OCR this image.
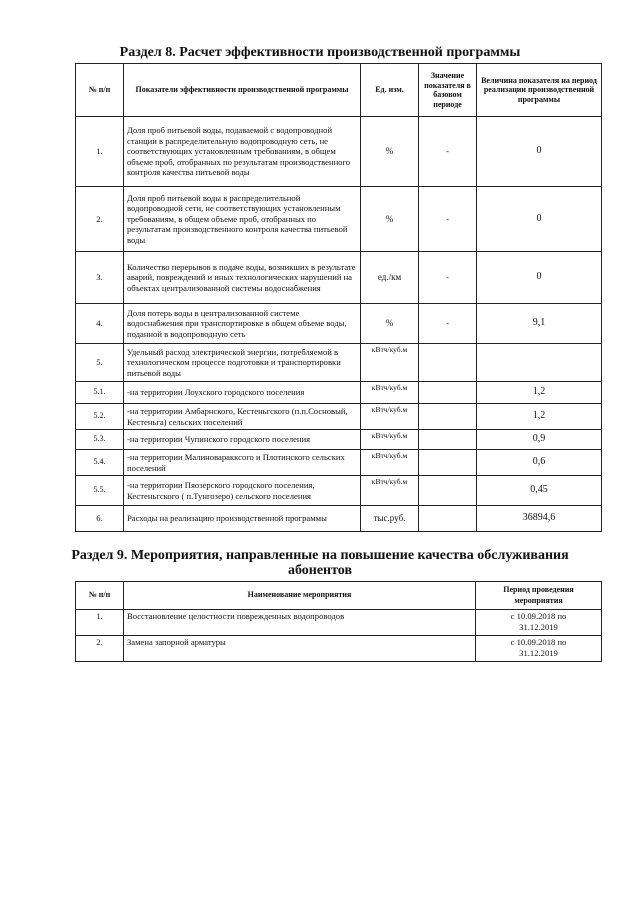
Раздел 8. Расчет эффективности производственной программы
№ п/п	Показатели эффективности производственной программы	Ед. изм.	Значение показателя в базовом периоде	Величина показателя на период реализации производственной программы
1.	Доля проб питьевой воды, подаваемой с водопроводной станции в распределительную водопроводную сеть, не соответствующих установленным требованиям, в общем объеме проб, отобранных по результатам производственного контроля качества питьевой воды	%	-	0
2.	Доля проб питьевой воды в распределительной водопроводной сети, не соответствующих установленным требованиям, в общем объеме проб, отобранных по результатам производственного контроля качества питьевой воды	%	-	0
3.	Количество перерывов в подаче воды, возникших в результате аварий, повреждений и иных технологических нарушений на объектах централизованной системы водоснабжения	ед./км	-	0
4.	Доля потерь воды в централизованной системе водоснабжения при транспортировке в общем объеме воды, поданной в водопроводную сеть	%	-	9,1
5.	Удельный расход электрической энергии, потребляемой в технологическом процессе подготовки и транспортировки питьевой воды	кВтч/куб.м		
5.1.	-на территории Лоухского городского поселения	кВтч/куб.м		1,2
5.2.	-на территории Амбарнского, Кестеньгского (п.п.Сосновый, Кестеньга) сельских поселений	кВтч/куб.м		1,2
5.3.	-на территории Чупинского городского поселения	кВтч/куб.м		0,9
5.4.	-на территории Малиноваракксого и Плотинского сельских поселений	кВтч/куб.м		0,6
5.5.	-на территории Пяозерского городского поселения, Кестеньгского ( п.Тунгозеро) сельского поселения	кВтч/куб.м		0,45
6.	Расходы на реализацию производственной программы	тыс.руб.		36894,6
Раздел 9. Мероприятия, направленные на повышение качества обслуживания
абонентов
№ п/п	Наименование мероприятия	Период проведения мероприятия
1.	Восстановление целостности поврежденных водопроводов	с 10.09.2018 по
31.12.2019

2.	Замена запорной арматуры	с 10.09.2018 по
31.12.2019
